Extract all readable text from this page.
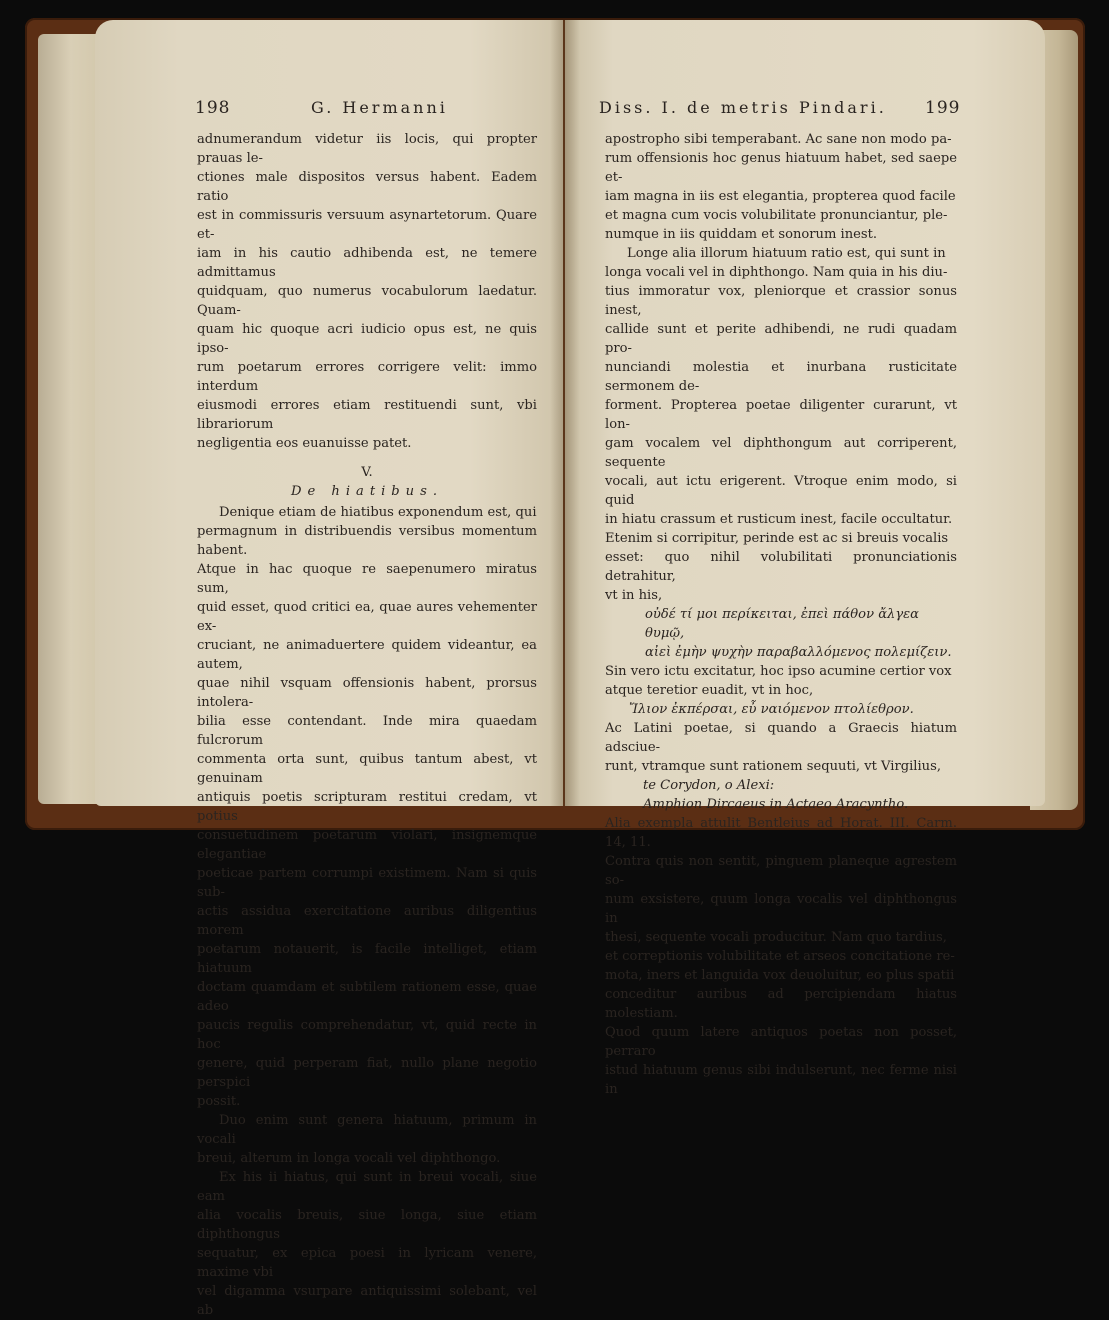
198	G. Hermanni

adnumerandum videtur iis locis, qui propter prauas le-

ctiones male dispositos versus habent. Eadem ratio

est in commissuris versuum asynartetorum. Quare et-

iam in his cautio adhibenda est, ne temere admittamus

quidquam, quo numerus vocabulorum laedatur. Quam-

quam hic quoque acri iudicio opus est, ne quis ipso-

rum poetarum errores corrigere velit: immo interdum

eiusmodi errores etiam restituendi sunt, vbi librariorum

negligentia eos euanuisse patet.

V.

De hiatibus.

Denique etiam de hiatibus exponendum est, qui

permagnum in distribuendis versibus momentum habent.

Atque in hac quoque re saepenumero miratus sum,

quid esset, quod critici ea, quae aures vehementer ex-

cruciant, ne animaduertere quidem videantur, ea autem,

quae nihil vsquam offensionis habent, prorsus intolera-

bilia esse contendant. Inde mira quaedam fulcrorum

commenta orta sunt, quibus tantum abest, vt genuinam

antiquis poetis scripturam restitui credam, vt potius

consuetudinem poetarum violari, insignemque elegantiae

poeticae partem corrumpi existimem. Nam si quis sub-

actis assidua exercitatione auribus diligentius morem

poetarum notauerit, is facile intelliget, etiam hiatuum

doctam quamdam et subtilem rationem esse, quae adeo

paucis regulis comprehendatur, vt, quid recte in hoc

genere, quid perperam fiat, nullo plane negotio perspici

possit.

Duo enim sunt genera hiatuum, primum in vocali

breui, alterum in longa vocali vel diphthongo.

Ex his ii hiatus, qui sunt in breui vocali, siue eam

alia vocalis breuis, siue longa, siue etiam diphthongus

sequatur, ex epica poesi in lyricam venere, maxime vbi

vel digamma vsurpare antiquissimi solebant, vel ab

Diss. I. de metris Pindari. 199

apostropho sibi temperabant. Ac sane non modo pa-

rum offensionis hoc genus hiatuum habet, sed saepe et-

iam magna in iis est elegantia, propterea quod facile

et magna cum vocis volubilitate pronunciantur, ple-

numque in iis quiddam et sonorum inest.

Longe alia illorum hiatuum ratio est, qui sunt in

longa vocali vel in diphthongo. Nam quia in his diu-

tius immoratur vox, pleniorque et crassior sonus inest,

callide sunt et perite adhibendi, ne rudi quadam pro-

nunciandi molestia et inurbana rusticitate sermonem de-

forment. Propterea poetae diligenter curarunt, vt lon-

gam vocalem vel diphthongum aut corriperent, sequente

vocali, aut ictu erigerent. Vtroque enim modo, si quid

in hiatu crassum et rusticum inest, facile occultatur.

Etenim si corripitur, perinde est ac si breuis vocalis

esset: quo nihil volubilitati pronunciationis detrahitur,

vt in his,

οὐδέ τί μοι περίκειται, ἐπεὶ πάθον ἄλγεα θυμῷ,

αἰεὶ ἐμὴν ψυχὴν παραβαλλόμενος πολεμίζειν.

Sin vero ictu excitatur, hoc ipso acumine certior vox

atque teretior euadit, vt in hoc,

Ἴλιον ἐκπέρσαι, εὖ ναιόμενον πτολίεθρον.

Ac Latini poetae, si quando a Graecis hiatum adsciue-

runt, vtramque sunt rationem sequuti, vt Virgilius,

te Corydon, o Alexi:

Amphion Dircaeus in Actaeo Aracyntho.

Alia exempla attulit Bentleius ad Horat. III. Carm. 14, 11.

Contra quis non sentit, pinguem planeque agrestem so-

num exsistere, quum longa vocalis vel diphthongus in

thesi, sequente vocali producitur. Nam quo tardius,

et correptionis volubilitate et arseos concitatione re-

mota, iners et languida vox deuoluitur, eo plus spatii

conceditur auribus ad percipiendam hiatus molestiam.

Quod quum latere antiquos poetas non posset, perraro

istud hiatuum genus sibi indulserunt, nec ferme nisi in
